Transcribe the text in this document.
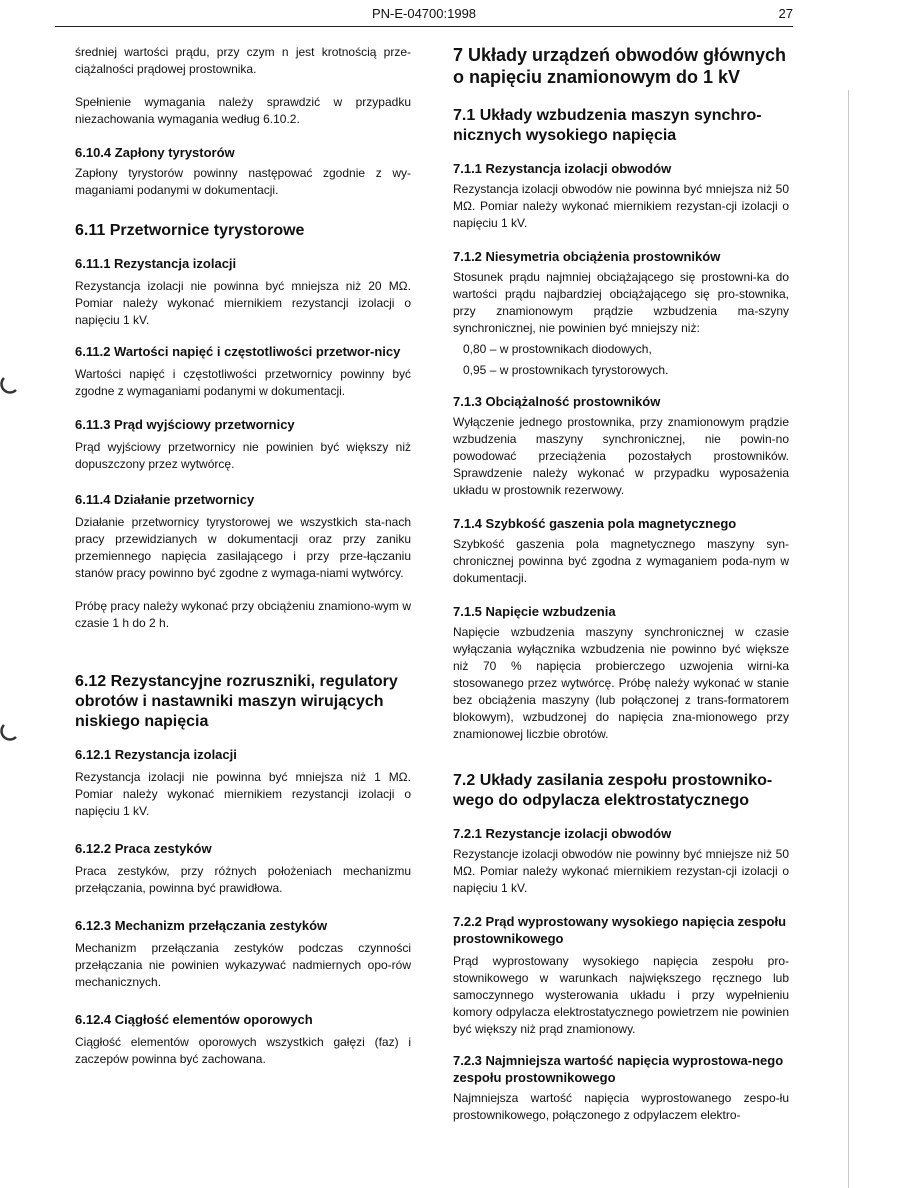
PN-E-04700:1998	27

średniej wartości prądu, przy czym n jest krotnością prze-ciążalności prądowej prostownika.

Spełnienie wymagania należy sprawdzić w przypadku niezachowania wymagania według 6.10.2.

6.10.4 Zapłony tyrystorów

Zapłony tyrystorów powinny następować zgodnie z wy-maganiami podanymi w dokumentacji.

6.11 Przetwornice tyrystorowe
6.11.1 Rezystancja izolacji

Rezystancja izolacji nie powinna być mniejsza niż 20 MΩ. Pomiar należy wykonać miernikiem rezystancji izolacji o napięciu 1 kV.

6.11.2 Wartości napięć i częstotliwości przetwor-nicy

Wartości napięć i częstotliwości przetwornicy powinny być zgodne z wymaganiami podanymi w dokumentacji.

6.11.3 Prąd wyjściowy przetwornicy

Prąd wyjściowy przetwornicy nie powinien być większy niż dopuszczony przez wytwórcę.

6.11.4 Działanie przetwornicy

Działanie przetwornicy tyrystorowej we wszystkich sta-nach pracy przewidzianych w dokumentacji oraz przy zaniku przemiennego napięcia zasilającego i przy prze-łączaniu stanów pracy powinno być zgodne z wymaga-niami wytwórcy.

Próbę pracy należy wykonać przy obciążeniu znamiono-wym w czasie 1 h do 2 h.

6.12 Rezystancyjne rozruszniki, regulatory obrotów i nastawniki maszyn wirujących niskiego napięcia
6.12.1 Rezystancja izolacji

Rezystancja izolacji nie powinna być mniejsza niż 1 MΩ. Pomiar należy wykonać miernikiem rezystancji izolacji o napięciu 1 kV.

6.12.2 Praca zestyków

Praca zestyków, przy różnych położeniach mechanizmu przełączania, powinna być prawidłowa.

6.12.3 Mechanizm przełączania zestyków

Mechanizm przełączania zestyków podczas czynności przełączania nie powinien wykazywać nadmiernych opo-rów mechanicznych.

6.12.4 Ciągłość elementów oporowych

Ciągłość elementów oporowych wszystkich gałęzi (faz) i zaczepów powinna być zachowana.

7 Układy urządzeń obwodów głównych o napięciu znamionowym do 1 kV
7.1 Układy wzbudzenia maszyn synchro-nicznych wysokiego napięcia
7.1.1 Rezystancja izolacji obwodów

Rezystancja izolacji obwodów nie powinna być mniejsza niż 50 MΩ. Pomiar należy wykonać miernikiem rezystan-cji izolacji o napięciu 1 kV.

7.1.2 Niesymetria obciążenia prostowników

Stosunek prądu najmniej obciążającego się prostowni-ka do wartości prądu najbardziej obciążającego się pro-stownika, przy znamionowym prądzie wzbudzenia ma-szyny synchronicznej, nie powinien być mniejszy niż:

0,80 – w prostownikach diodowych,

0,95 – w prostownikach tyrystorowych.

7.1.3 Obciążalność prostowników

Wyłączenie jednego prostownika, przy znamionowym prądzie wzbudzenia maszyny synchronicznej, nie powin-no powodować przeciążenia pozostałych prostowników. Sprawdzenie należy wykonać w przypadku wyposażenia układu w prostownik rezerwowy.

7.1.4 Szybkość gaszenia pola magnetycznego

Szybkość gaszenia pola magnetycznego maszyny syn-chronicznej powinna być zgodna z wymaganiem poda-nym w dokumentacji.

7.1.5 Napięcie wzbudzenia

Napięcie wzbudzenia maszyny synchronicznej w czasie wyłączania wyłącznika wzbudzenia nie powinno być większe niż 70 % napięcia probierczego uzwojenia wirni-ka stosowanego przez wytwórcę. Próbę należy wykonać w stanie bez obciążenia maszyny (lub połączonej z trans-formatorem blokowym), wzbudzonej do napięcia zna-mionowego przy znamionowej liczbie obrotów.

7.2 Układy zasilania zespołu prostowniko-wego do odpylacza elektrostatycznego
7.2.1 Rezystancje izolacji obwodów

Rezystancje izolacji obwodów nie powinny być mniejsze niż 50 MΩ. Pomiar należy wykonać miernikiem rezystan-cji izolacji o napięciu 1 kV.

7.2.2 Prąd wyprostowany wysokiego napięcia zespołu prostownikowego

Prąd wyprostowany wysokiego napięcia zespołu pro-stownikowego w warunkach największego ręcznego lub samoczynnego wysterowania układu i przy wypełnieniu komory odpylacza elektrostatycznego powietrzem nie powinien być większy niż prąd znamionowy.

7.2.3 Najmniejsza wartość napięcia wyprostowa-nego zespołu prostownikowego

Najmniejsza wartość napięcia wyprostowanego zespo-łu prostownikowego, połączonego z odpylaczem elektro-
